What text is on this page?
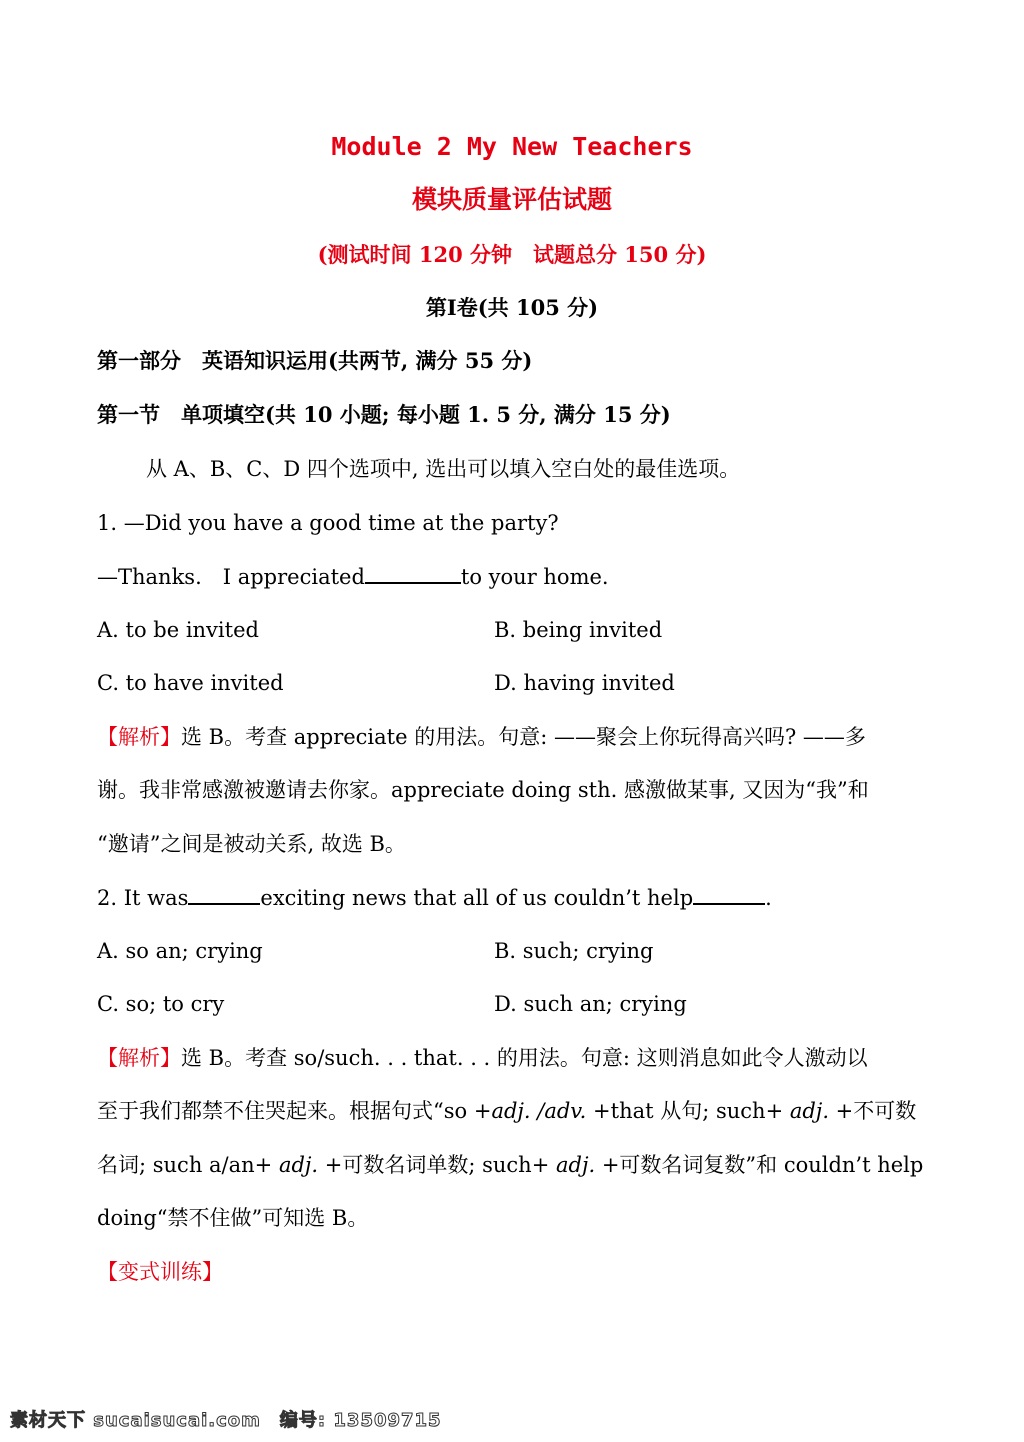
Module 2 My New Teachers
模块质量评估试题
(测试时间 120 分钟　试题总分 150 分)
第Ⅰ卷(共 105 分)
第一部分　英语知识运用(共两节, 满分 55 分)
第一节　单项填空(共 10 小题; 每小题 1. 5 分, 满分 15 分)
从 A、B、C、D 四个选项中, 选出可以填入空白处的最佳选项。
1. —Did you have a good time at the party?
—Thanks.　I appreciated	to your home.
A. to be invited	B. being invited
C. to have invited	D. having invited
【解析】选 B。考查 appreciate 的用法。句意: ——聚会上你玩得高兴吗? ——多
谢。我非常感激被邀请去你家。appreciate doing sth. 感激做某事, 又因为“我”和
“邀请”之间是被动关系, 故选 B。
2. It was	exciting news that all of us couldn’t help	.
A. so an; crying	B. such; crying
C. so; to cry	D. such an; crying
【解析】选 B。考查 so/such. . . that. . . 的用法。句意: 这则消息如此令人激动以
至于我们都禁不住哭起来。根据句式“so +adj. /adv. +that 从句; such+ adj. +不可数
名词; such a/an+ adj. +可数名词单数; such+ adj. +可数名词复数”和 couldn’t help
doing“禁不住做”可知选 B。
【变式训练】
素材天下 sucaisucai.com　编号: 13509715
